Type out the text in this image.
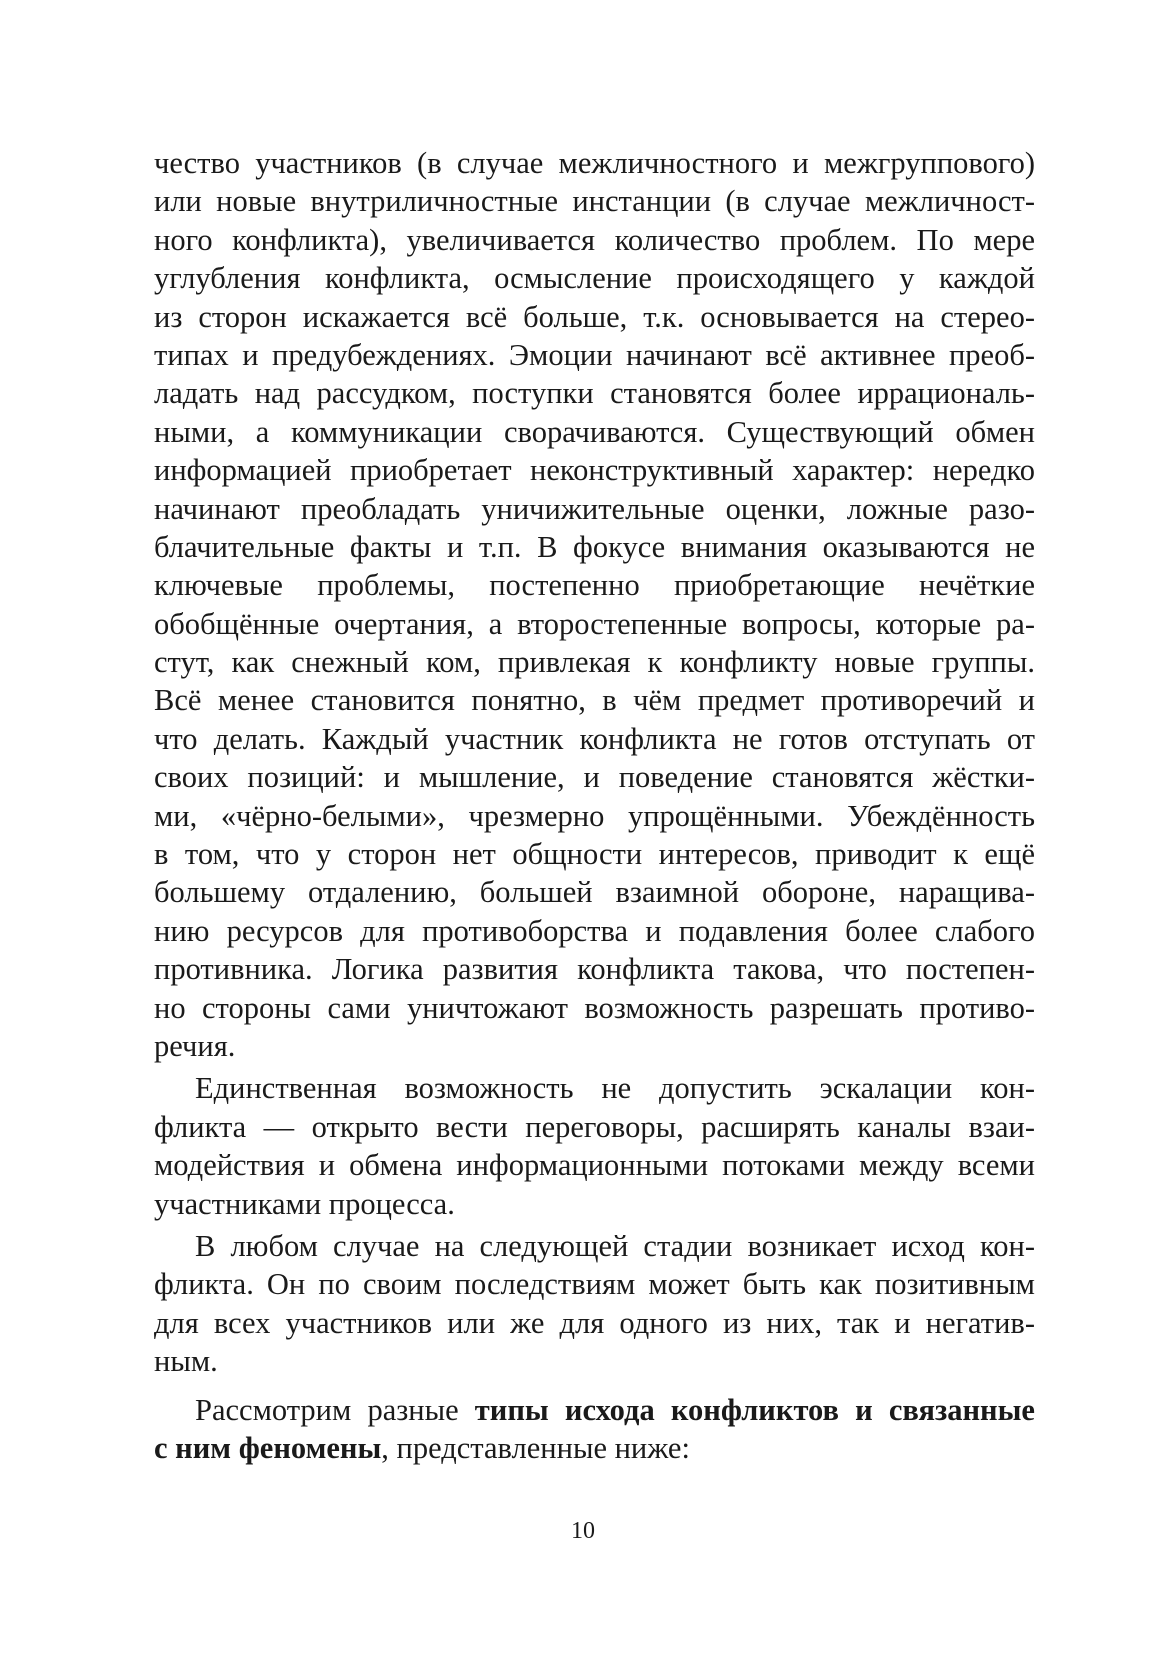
чество участников (в случае межличностного и межгруппового)
или новые внутриличностные инстанции (в случае межличност-
ного конфликта), увеличивается количество проблем. По мере
углубления конфликта, осмысление происходящего у каждой
из сторон искажается всё больше, т.к. основывается на стерео-
типах и предубеждениях. Эмоции начинают всё активнее преоб-
ладать над рассудком, поступки становятся более иррациональ-
ными, а коммуникации сворачиваются. Существующий обмен
информацией приобретает неконструктивный характер: нередко
начинают преобладать уничижительные оценки, ложные разо-
блачительные факты и т.п. В фокусе внимания оказываются не
ключевые проблемы, постепенно приобретающие нечёткие
обобщённые очертания, а второстепенные вопросы, которые ра-
стут, как снежный ком, привлекая к конфликту новые группы.
Всё менее становится понятно, в чём предмет противоречий и
что делать. Каждый участник конфликта не готов отступать от
своих позиций: и мышление, и поведение становятся жёстки-
ми, «чёрно-белыми», чрезмерно упрощёнными. Убеждённость
в том, что у сторон нет общности интересов, приводит к ещё
большему отдалению, большей взаимной обороне, наращива-
нию ресурсов для противоборства и подавления более слабого
противника. Логика развития конфликта такова, что постепен-
но стороны сами уничтожают возможность разрешать противо-
речия.
Единственная возможность не допустить эскалации кон-
фликта — открыто вести переговоры, расширять каналы взаи-
модействия и обмена информационными потоками между всеми
участниками процесса.
В любом случае на следующей стадии возникает исход кон-
фликта. Он по своим последствиям может быть как позитивным
для всех участников или же для одного из них, так и негатив-
ным.
Рассмотрим разные типы исхода конфликтов и связанные
с ним феномены, представленные ниже:
10
